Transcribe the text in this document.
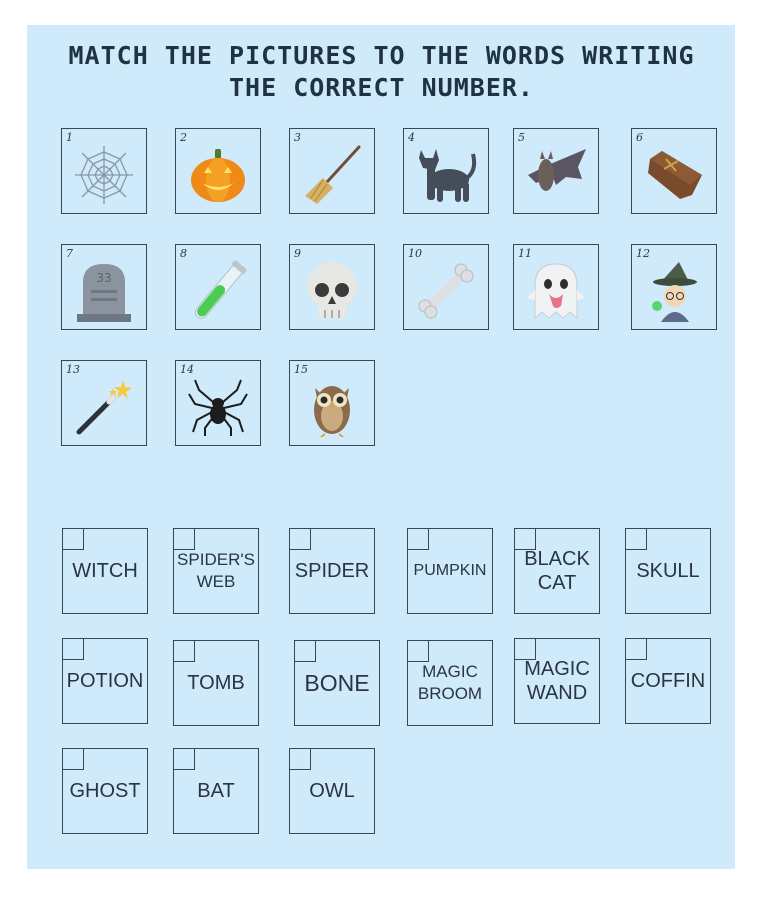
MATCH THE PICTURES TO THE WORDS WRITING
THE CORRECT NUMBER.
1	2	3	4	5	6
7
33
8	9	10	11	12
13	14	15
WITCH
SPIDER'S WEB	SPIDER	PUMPKIN
BLACK CAT
SKULL
POTION	TOMB	BONE	MAGIC BROOM
MAGIC WAND
COFFIN
GHOST	BAT	OWL
